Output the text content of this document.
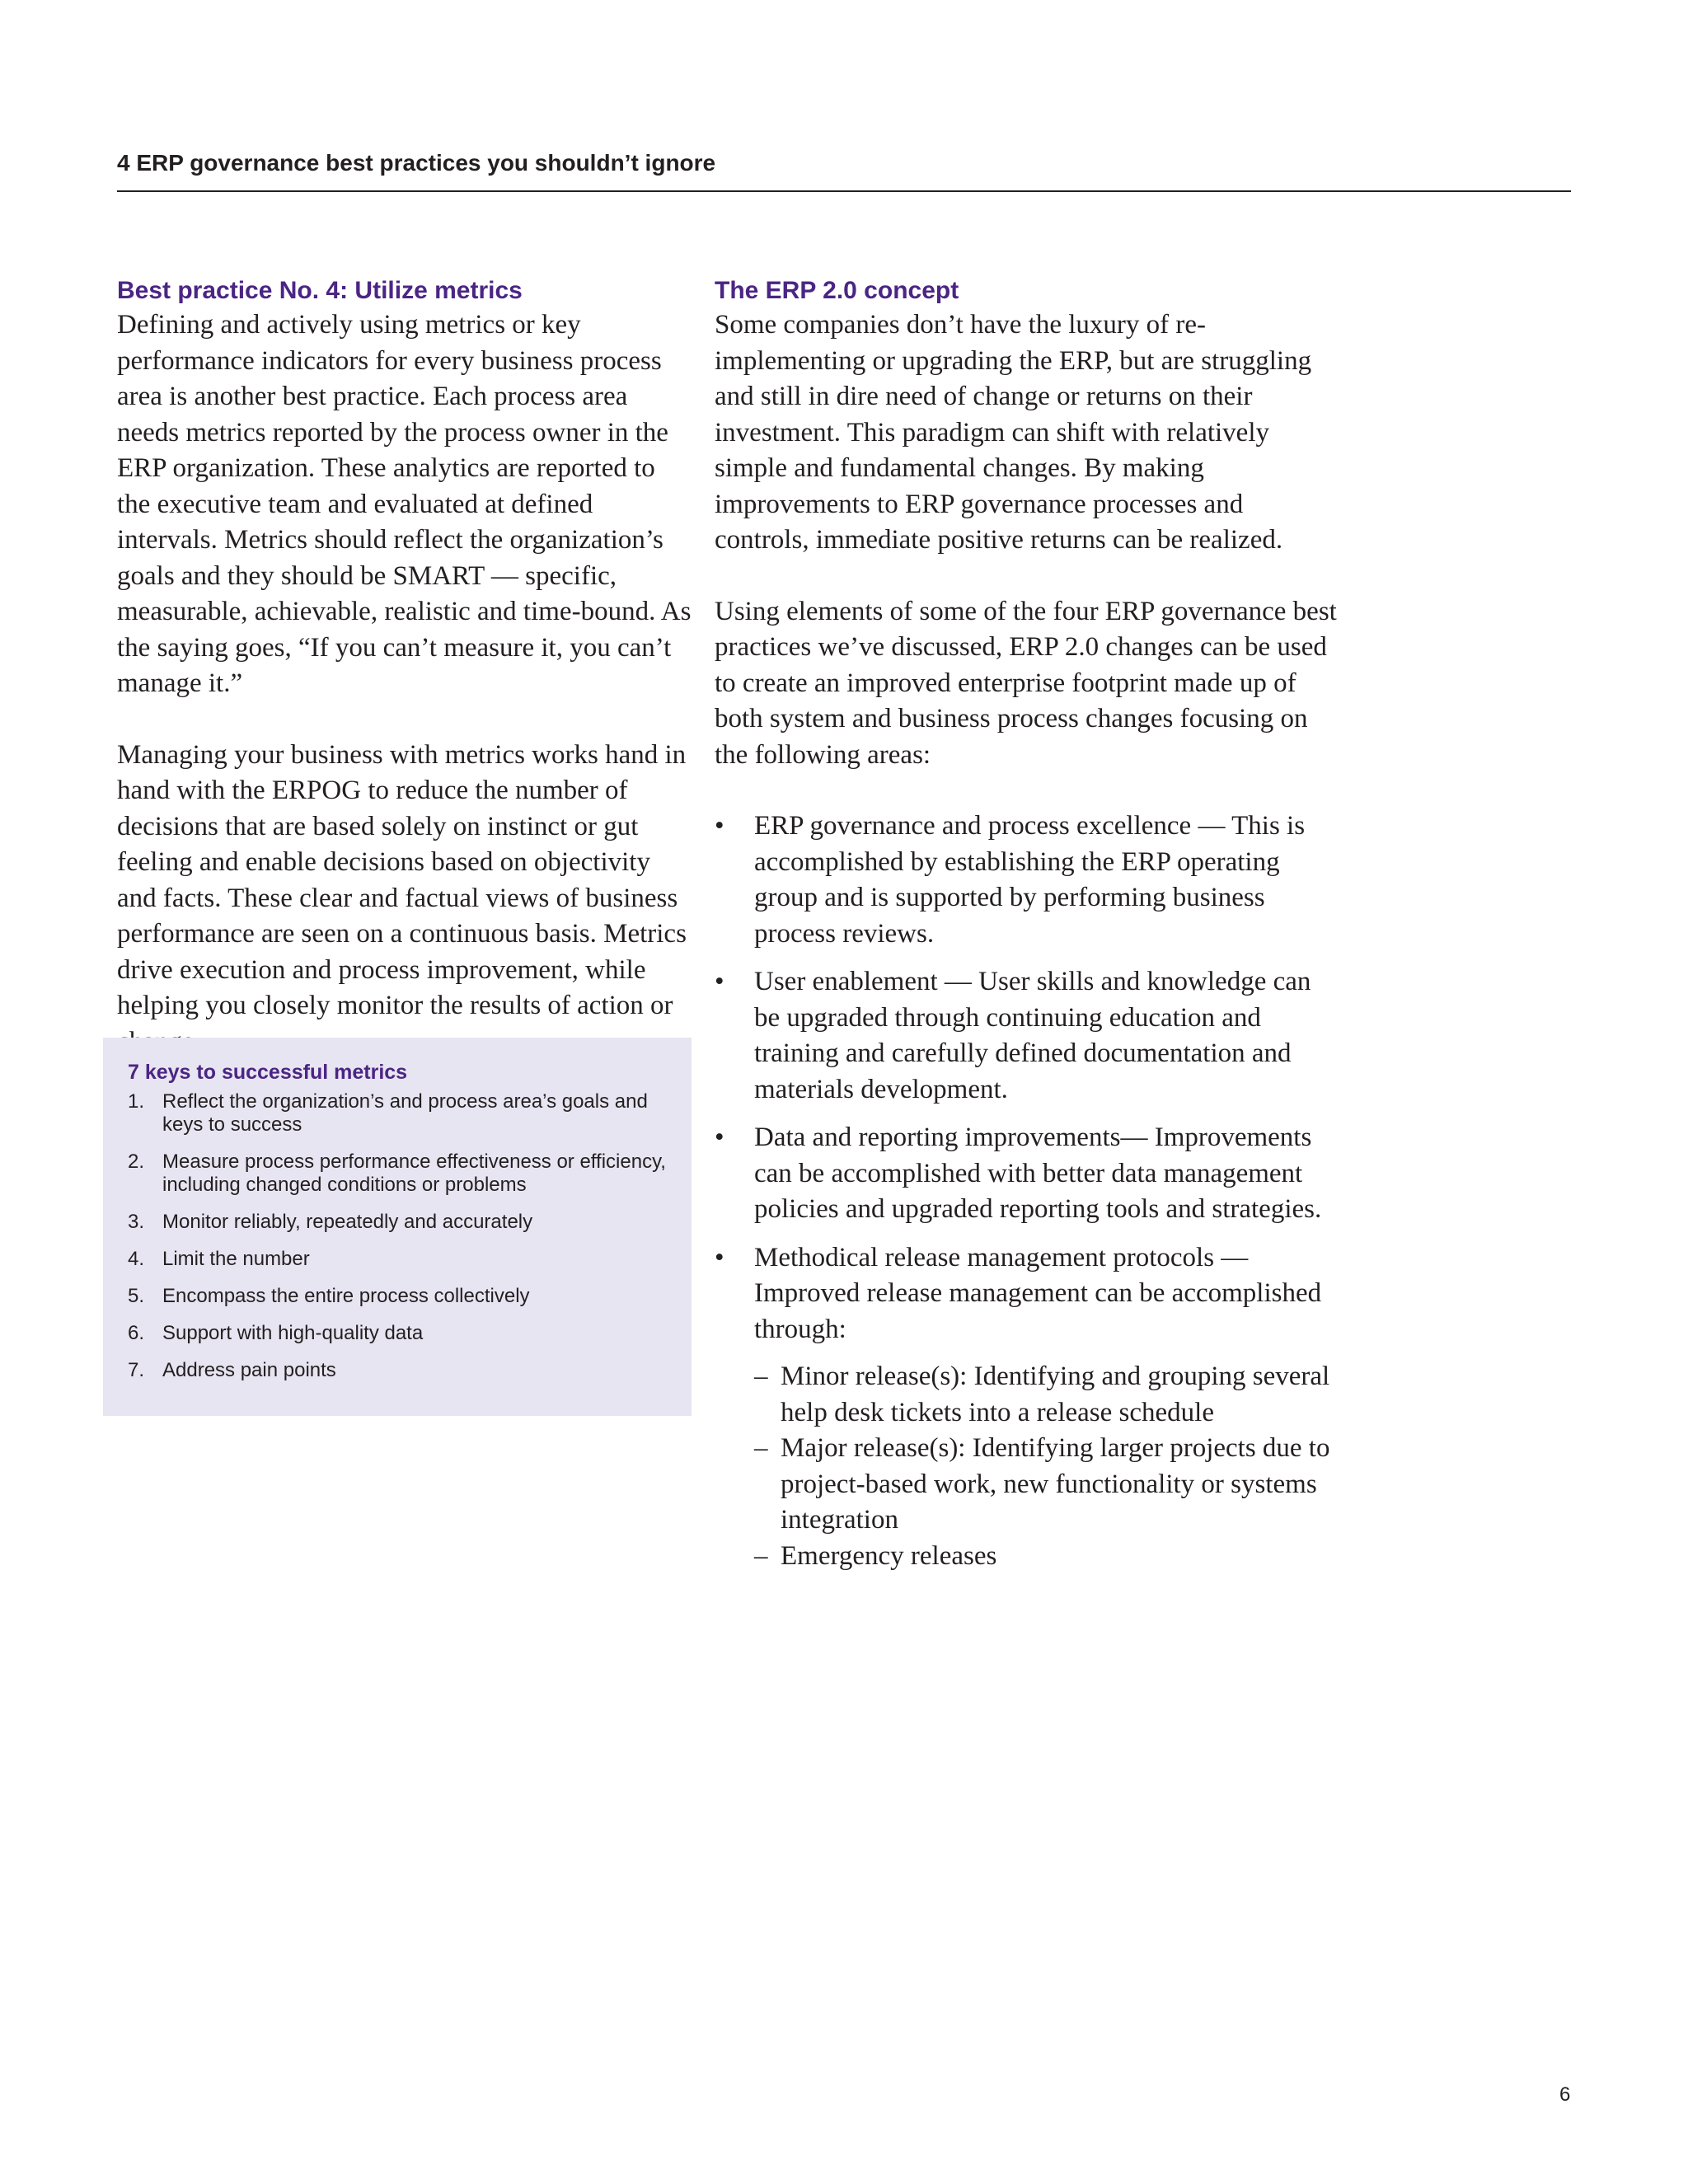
4 ERP governance best practices you shouldn’t ignore
Best practice No. 4: Utilize metrics

Defining and actively using metrics or key performance indicators for every business process area is another best practice. Each process area needs metrics reported by the process owner in the ERP organization. These analytics are reported to the executive team and evaluated at defined intervals. Metrics should reflect the organization’s goals and they should be SMART — specific, measurable, achievable, realistic and time-bound. As the saying goes, “If you can’t measure it, you can’t manage it.”

Managing your business with metrics works hand in hand with the ERPOG to reduce the number of decisions that are based solely on instinct or gut feeling and enable decisions based on objectivity and facts. These clear and factual views of business performance are seen on a continuous basis. Metrics drive execution and process improvement, while helping you closely monitor the results of action or

7 keys to successful metrics
1. Reflect the organization’s and process area’s goals and keys to success
2. Measure process performance effectiveness or efficiency, including changed conditions or problems
3. Monitor reliably, repeatedly and accurately
4. Limit the number
5. Encompass the entire process collectively
6. Support with high-quality data
7. Address pain points
The ERP 2.0 concept

Some companies don’t have the luxury of re-implementing or upgrading the ERP, but are struggling and still in dire need of change or returns on their investment. This paradigm can shift with relatively simple and fundamental changes. By making improvements to ERP governance processes and controls, immediate positive returns can be realized.

Using elements of some of the four ERP governance best practices we’ve discussed, ERP 2.0 changes can be used to create an improved enterprise footprint made up of both system and business process changes focusing on the following areas:

•	ERP governance and process excellence — This is accomplished by establishing the ERP operating group and is supported by performing business process reviews.
•	User enablement — User skills and knowledge can be upgraded through continuing education and training and carefully defined documentation and materials development.
•	Data and reporting improvements— Improvements can be accomplished with better data management policies and upgraded reporting tools and strategies.
•	Methodical release management protocols — Improved release management can be accomplished through:
– Minor release(s): Identifying and grouping several help desk tickets into a release schedule
– Major release(s): Identifying larger projects due to project-based work, new functionality or systems integration
– Emergency releases
6
